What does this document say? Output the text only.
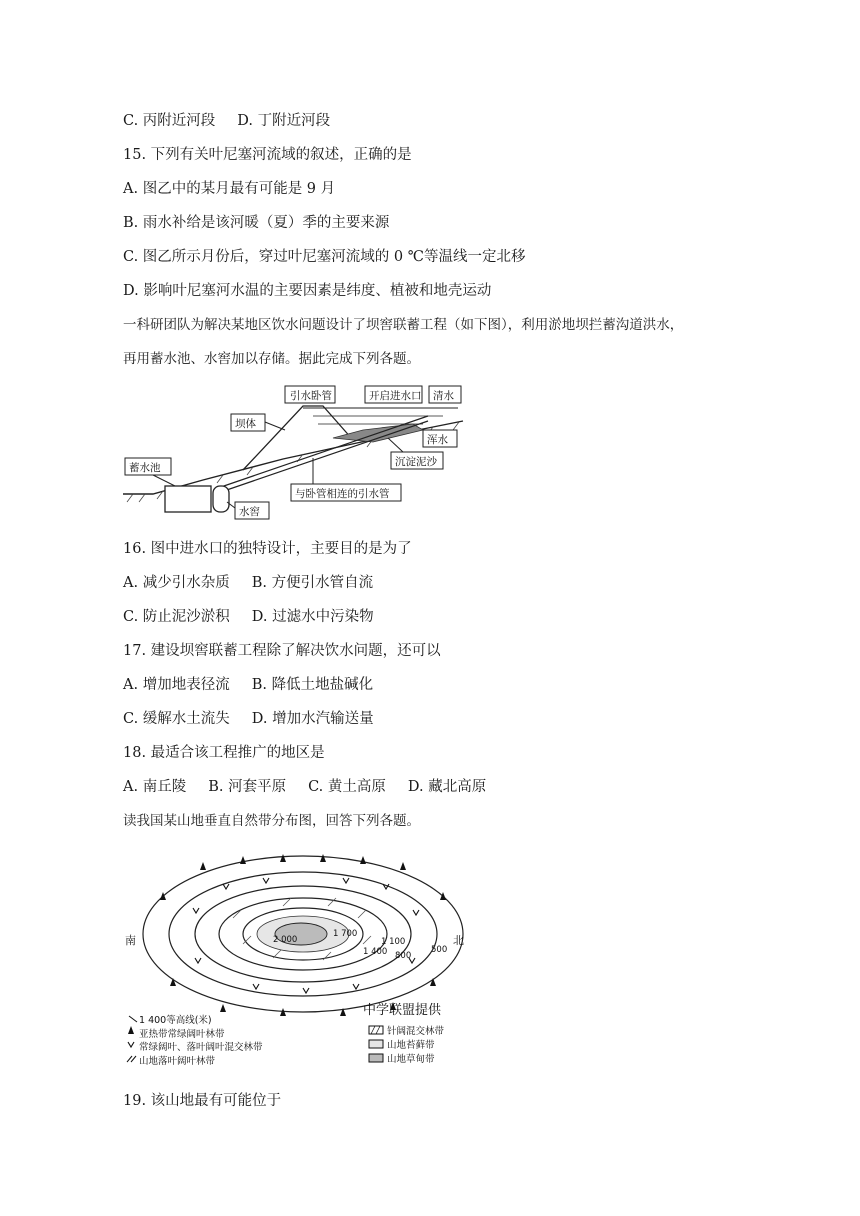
C. 丙附近河段 D. 丁附近河段
15. 下列有关叶尼塞河流域的叙述，正确的是
A. 图乙中的某月最有可能是 9 月
B. 雨水补给是该河暖（夏）季的主要来源
C. 图乙所示月份后，穿过叶尼塞河流域的 0 ℃等温线一定北移
D. 影响叶尼塞河水温的主要因素是纬度、植被和地壳运动
一科研团队为解决某地区饮水问题设计了坝窖联蓄工程（如下图），利用淤地坝拦蓄沟道洪水，
再用蓄水池、水窖加以存储。据此完成下列各题。
引水卧管	开启进水口 清水
坝体
浑水
沉淀泥沙
蓄水池
与卧管相连的引水管
水窖
16. 图中进水口的独特设计，主要目的是为了
A. 减少引水杂质 B. 方便引水管自流
C. 防止泥沙淤积 D. 过滤水中污染物
17. 建设坝窖联蓄工程除了解决饮水问题，还可以
A. 增加地表径流 B. 降低土地盐碱化
C. 缓解水土流失 D. 增加水汽输送量
18. 最适合该工程推广的地区是
A. 南丘陵 B. 河套平原 C. 黄土高原 D. 藏北高原
读我国某山地垂直自然带分布图，回答下列各题。
南	北
2 000
1 700
1 400
1 100
800
500
中学联盟提供
1 400等高线(米)
亚热带常绿阔叶林带
常绿阔叶、落叶阔叶混交林带
山地落叶阔叶林带
针阔混交林带
山地苔藓带
山地草甸带
19. 该山地最有可能位于
